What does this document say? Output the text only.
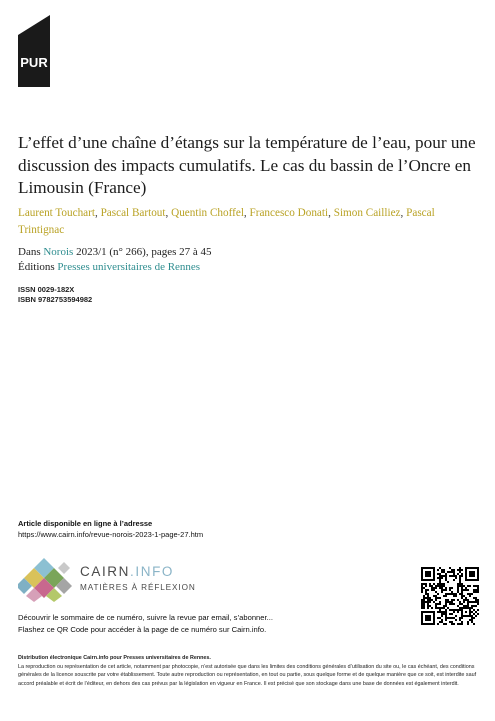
PUR
L’effet d’une chaîne d’étangs sur la température de l’eau, pour une discussion des impacts cumulatifs. Le cas du bassin de l’Oncre en Limousin (France)
Laurent Touchart, Pascal Bartout, Quentin Choffel, Francesco Donati, Simon Cailliez, Pascal Trintignac
Dans Norois 2023/1 (n° 266), pages 27 à 45
Éditions Presses universitaires de Rennes
ISSN 0029-182X
ISBN 9782753594982
Article disponible en ligne à l’adresse
https://www.cairn.info/revue-norois-2023-1-page-27.htm
CAIRN.INFO
MATIÈRES À RÉFLEXION
Découvrir le sommaire de ce numéro, suivre la revue par email, s’abonner...
Flashez ce QR Code pour accéder à la page de ce numéro sur Cairn.info.
Distribution électronique Cairn.info pour Presses universitaires de Rennes.
La reproduction ou représentation de cet article, notamment par photocopie, n’est autorisée que dans les limites des conditions générales d’utilisation du site ou, le cas échéant, des conditions générales de la licence souscrite par votre établissement. Toute autre reproduction ou représentation, en tout ou partie, sous quelque forme et de quelque manière que ce soit, est interdite sauf accord préalable et écrit de l’éditeur, en dehors des cas prévus par la législation en vigueur en France. Il est précisé que son stockage dans une base de données est également interdit.
